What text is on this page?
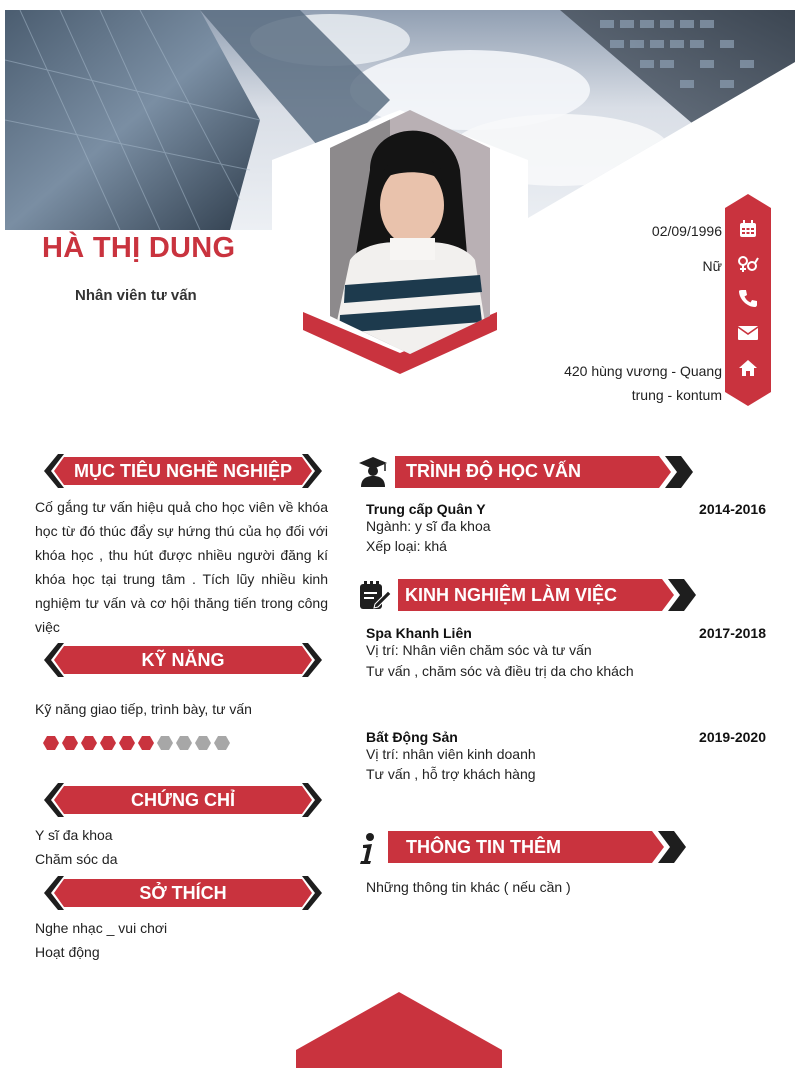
HÀ THỊ DUNG
Nhân viên tư vấn
02/09/1996
Nữ
420 hùng vương - Quang
trung - kontum
MỤC TIÊU NGHỀ NGHIỆP
Cố gắng tư vấn hiệu quả cho học viên về khóa học từ đó thúc đẩy sự hứng thú của họ đối với khóa học , thu hút được nhiều người đăng kí khóa học tại trung tâm . Tích lũy nhiều kinh nghiệm tư vấn và cơ hội thăng tiến trong công việc
KỸ NĂNG
Kỹ năng giao tiếp, trình bày, tư vấn
CHỨNG CHỈ
Y sĩ đa khoa
Chăm sóc da
SỞ THÍCH
Nghe nhạc _ vui chơi
Hoạt động
TRÌNH ĐỘ HỌC VẤN
Trung cấp Quân Y	2014-2016
Ngành: y sĩ đa khoa
Xếp loại: khá
KINH NGHIỆM LÀM VIỆC
Spa Khanh Liên	2017-2018
Vị trí: Nhân viên chăm sóc và tư vấn
Tư vấn , chăm sóc và điều trị da cho khách
Bất Động Sản	2019-2020
Vị trí: nhân viên kinh doanh
Tư vấn , hỗ trợ khách hàng
THÔNG TIN THÊM
Những thông tin khác ( nếu cần )
